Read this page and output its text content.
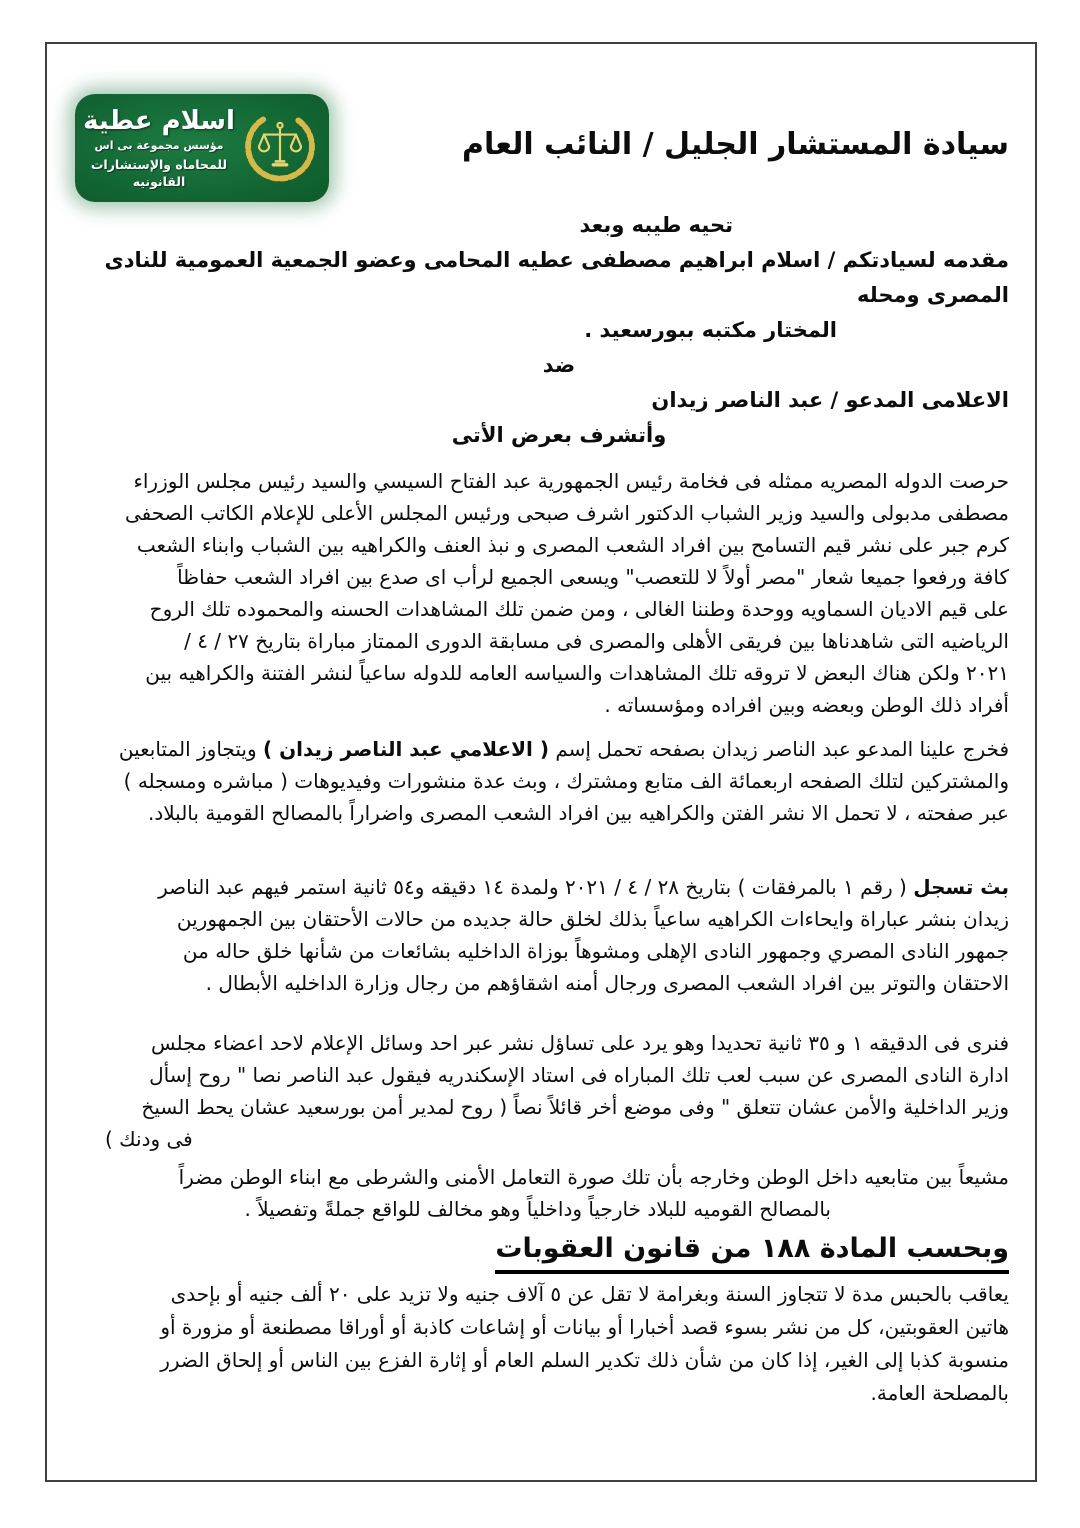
اسلام عطية
مؤسس مجموعة بى اس
للمحاماه والإستشارات القانونيه
سيادة المستشار الجليل / النائب العام
تحيه طيبه وبعد
مقدمه لسيادتكم / اسلام ابراهيم مصطفى عطيه المحامى وعضو الجمعية العمومية للنادى المصرى ومحله
المختار مكتبه ببورسعيد .
ضد
الاعلامى المدعو / عبد الناصر زيدان
وأتشرف بعرض الأتى
حرصت الدوله المصريه ممثله فى فخامة رئيس الجمهورية عبد الفتاح السيسي والسيد رئيس مجلس الوزراء
مصطفى مدبولى والسيد وزير الشباب الدكتور اشرف صبحى ورئيس المجلس الأعلى للإعلام الكاتب الصحفى
كرم جبر على نشر قيم التسامح بين افراد الشعب المصرى و نبذ العنف والكراهيه بين الشباب وابناء الشعب
كافة ورفعوا جميعا شعار "مصر أولاً لا للتعصب" ويسعى الجميع لرأب اى صدع بين افراد الشعب حفاظاً
على قيم الاديان السماويه ووحدة وطننا الغالى ، ومن ضمن تلك المشاهدات الحسنه والمحموده تلك الروح
الرياضيه التى شاهدناها بين فريقى الأهلى والمصرى فى مسابقة الدورى الممتاز مباراة بتاريخ ٢٧ / ٤ /
٢٠٢١ ولكن هناك البعض لا تروقه تلك المشاهدات والسياسه العامه للدوله ساعياً لنشر الفتنة والكراهيه بين
أفراد ذلك الوطن وبعضه وبين افراده ومؤسساته .
فخرج علينا المدعو عبد الناصر زيدان بصفحه تحمل إسم ( الاعلامي عبد الناصر زيدان ) ويتجاوز المتابعين
والمشتركين لتلك الصفحه اربعمائة الف متابع ومشترك ، وبث عدة منشورات وفيديوهات ( مباشره ومسجله )
عبر صفحته ، لا تحمل الا نشر الفتن والكراهيه بين افراد الشعب المصرى واضراراً بالمصالح القومية بالبلاد.
بث تسجل ( رقم ١ بالمرفقات ) بتاريخ ٢٨ / ٤ / ٢٠٢١ ولمدة ١٤ دقيقه و٥٤ ثانية استمر فيهم عبد الناصر
زيدان بنشر عباراة وايحاءات الكراهيه ساعياً بذلك لخلق حالة جديده من حالات الأحتقان بين الجمهورين
جمهور النادى المصري وجمهور النادى الإهلى ومشوهاً بوزاة الداخليه بشائعات من شأنها خلق حاله من
الاحتقان والتوتر بين افراد الشعب المصرى ورجال أمنه اشقاؤهم من رجال وزارة الداخليه الأبطال .
فنرى فى الدقيقه ١ و ٣٥ ثانية تحديدا وهو يرد على تساؤل نشر عبر احد وسائل الإعلام لاحد اعضاء مجلس
ادارة النادى المصرى عن سبب لعب تلك المباراه فى استاد الإسكندريه فيقول عبد الناصر نصا " روح إسأل
وزير الداخلية والأمن عشان تتعلق " وفى موضع أخر قائلاً نصاً ( روح لمدير أمن بورسعيد عشان يحط السيخ
فى ودنك )
مشيعاً بين متابعيه داخل الوطن وخارجه بأن تلك صورة التعامل الأمنى والشرطى مع ابناء الوطن مضراً
بالمصالح القوميه للبلاد خارجياً وداخلياً وهو مخالف للواقع جملةً وتفصيلاً .
وبحسب المادة ١٨٨ من قانون العقوبات
يعاقب بالحبس مدة لا تتجاوز السنة وبغرامة لا تقل عن ٥ آلاف جنيه ولا تزيد على ٢٠ ألف جنيه أو بإحدى
هاتين العقوبتين، كل من نشر بسوء قصد أخبارا أو بيانات أو إشاعات كاذبة أو أوراقا مصطنعة أو مزورة أو
منسوبة كذبا إلى الغير، إذا كان من شأن ذلك تكدير السلم العام أو إثارة الفزع بين الناس أو إلحاق الضرر
بالمصلحة العامة.
